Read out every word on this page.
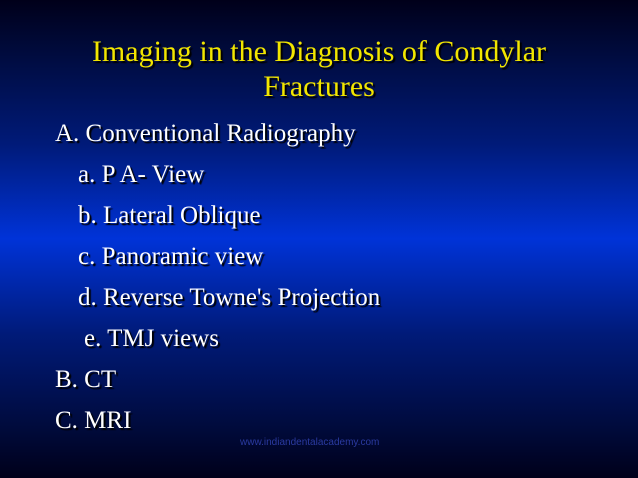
Imaging in the Diagnosis of Condylar
Fractures
A. Conventional Radiography
a. P A- View
b. Lateral Oblique
c. Panoramic view
d. Reverse Towne's Projection
e. TMJ views
B. CT
C. MRI
www.indiandentalacademy.com
